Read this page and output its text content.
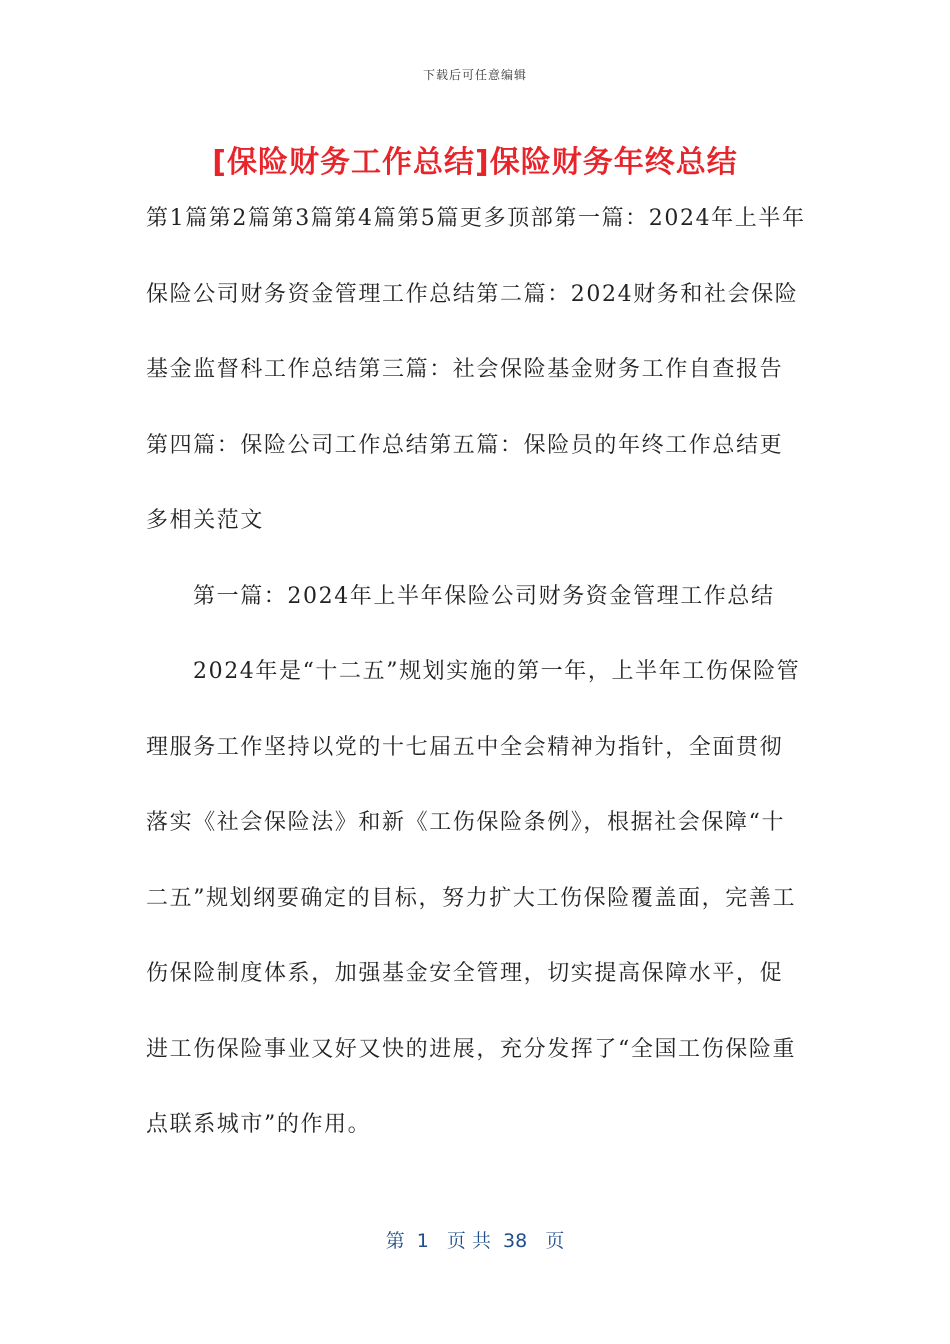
下载后可任意编辑
[保险财务工作总结]保险财务年终总结

第1篇第2篇第3篇第4篇第5篇更多顶部第一篇：2024年上半年保险公司财务资金管理工作总结第二篇：2024财务和社会保险基金监督科工作总结第三篇：社会保险基金财务工作自查报告第四篇：保险公司工作总结第五篇：保险员的年终工作总结更多相关范文

第一篇：2024年上半年保险公司财务资金管理工作总结

2024年是“十二五”规划实施的第一年，上半年工伤保险管理服务工作坚持以党的十七届五中全会精神为指针，全面贯彻落实《社会保险法》和新《工伤保险条例》，根据社会保障“十二五”规划纲要确定的目标，努力扩大工伤保险覆盖面，完善工伤保险制度体系，加强基金安全管理，切实提高保障水平，促进工伤保险事业又好又快的进展，充分发挥了“全国工伤保险重点联系城市”的作用。

第  1   页 共  38   页
